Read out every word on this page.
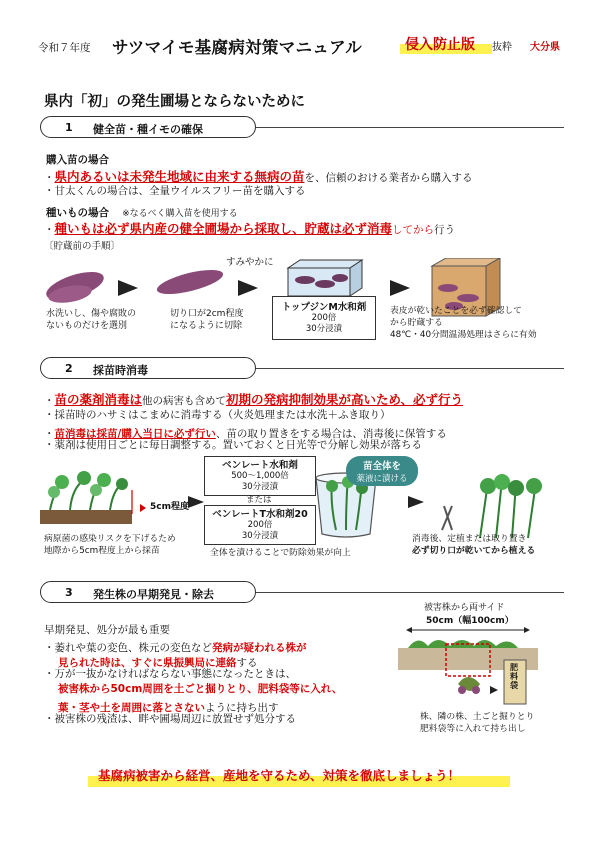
令和７年度 サツマイモ基腐病対策マニュアル	侵入防止版 抜粋 大分県
県内「初」の発生圃場とならないために
1 健全苗・種イモの確保
購入苗の場合
・県内あるいは未発生地域に由来する無病の苗を、信頼のおける業者から購入する
・甘太くんの場合は、全量ウイルスフリー苗を購入する
種いもの場合 ※なるべく購入苗を使用する
・種いもは必ず県内産の健全圃場から採取し、貯蔵は必ず消毒してから行う
〔貯蔵前の手順〕
すみやかに
水洗いし、傷や腐敗の
ないものだけを選別
切り口が2cm程度
になるように切除
トップジンM水和剤
200倍
30分浸漬
表皮が乾いたことを必ず確認して
から貯蔵する
48℃・40分間温湯処理はさらに有効
2 採苗時消毒
・苗の薬剤消毒は他の病害も含めて初期の発病抑制効果が高いため、必ず行う
・採苗時のハサミはこまめに消毒する（火炎処理または水洗＋ふき取り）
・苗消毒は採苗/購入当日に必ず行い、苗の取り置きをする場合は、消毒後に保管する
・薬剤は使用日ごとに毎日調整する。置いておくと日光等で分解し効果が落ちる
5cm程度
ベンレート水和剤
500～1,000倍
30分浸漬
または
ベンレートT水和剤20
200倍
30分浸漬
苗全体を
薬液に漬ける
病原菌の感染リスクを下げるため
地際から5cm程度上から採苗	全体を漬けることで防除効果が向上
消毒後、定植または取り置き
必ず切り口が乾いてから植える
3 発生株の早期発見・除去
早期発見、処分が最も重要
・萎れや葉の変色、株元の変色など発病が疑われる株が
見られた時は、すぐに県振興局に連絡する
・万が一抜かなければならない事態になったときは、
被害株から50cm周囲を土ごと掘りとり、肥料袋等に入れ、
葉・茎や土を周囲に落とさないように持ち出す
・被害株の残渣は、畔や圃場周辺に放置せず処分する
被害株から両サイド
50cm（幅100cm）
肥料袋
株、隣の株、土ごと掘りとり
肥料袋等に入れて持ち出し
基腐病被害から経営、産地を守るため、対策を徹底しましょう！
